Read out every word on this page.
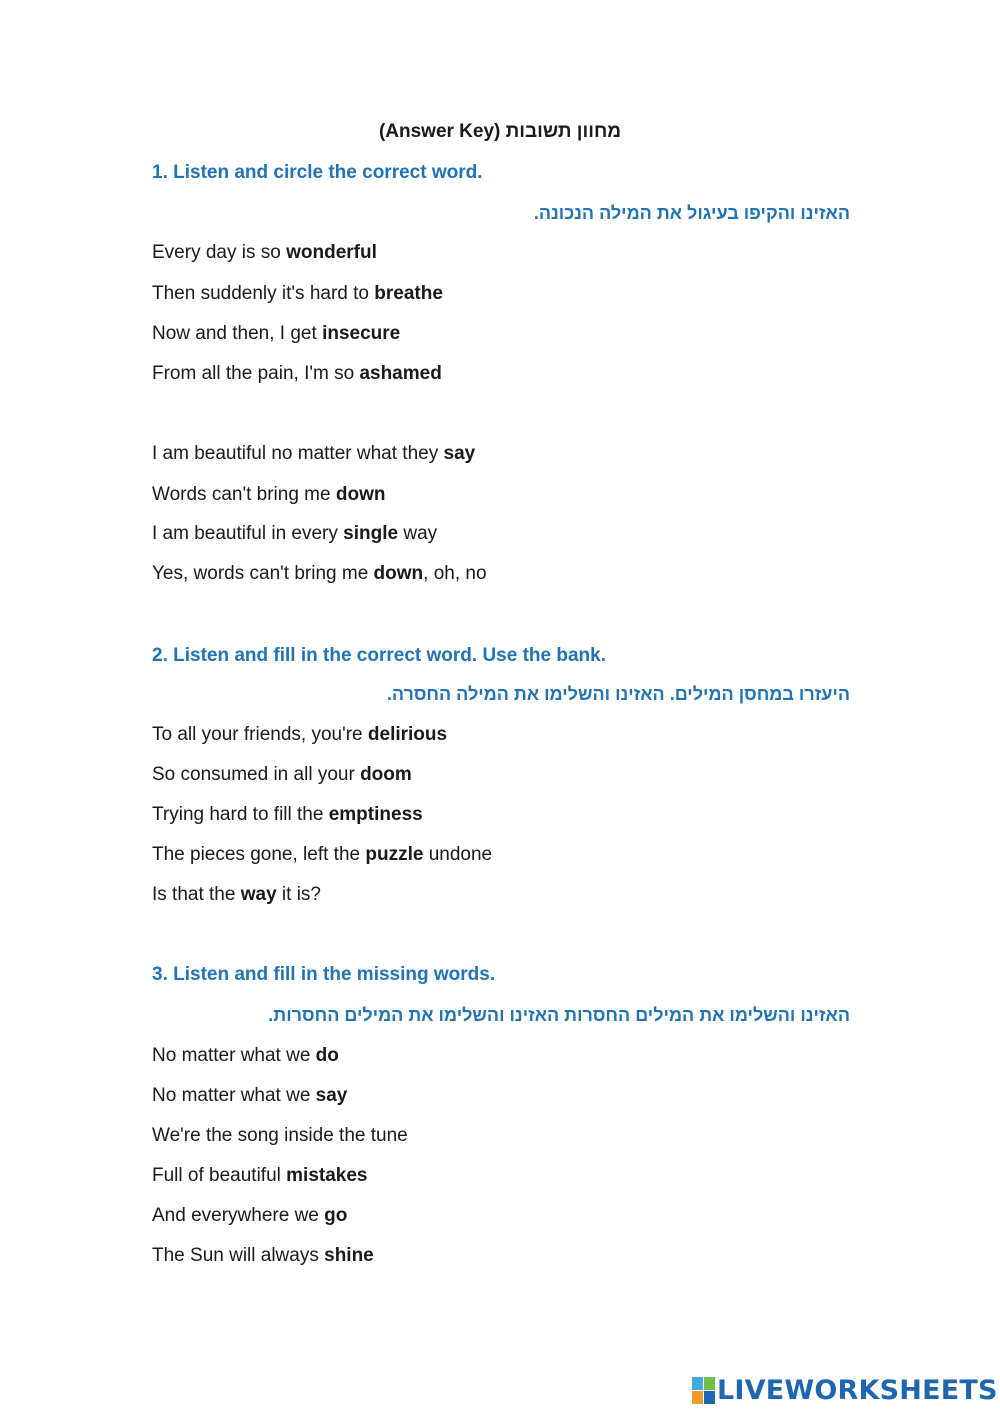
מחוון תשובות (Answer Key)
1. Listen and circle the correct word.
האזינו והקיפו בעיגול את המילה הנכונה.
Every day is so wonderful
Then suddenly it's hard to breathe
Now and then, I get insecure
From all the pain, I'm so ashamed
I am beautiful no matter what they say
Words can't bring me down
I am beautiful in every single way
Yes, words can't bring me down, oh, no
2. Listen and fill in the correct word. Use the bank.
היעזרו במחסן המילים. האזינו והשלימו את המילה החסרה.
To all your friends, you're delirious
So consumed in all your doom
Trying hard to fill the emptiness
The pieces gone, left the puzzle undone
Is that the way it is?
3. Listen and fill in the missing words.
האזינו והשלימו את המילים החסרות האזינו והשלימו את המילים החסרות.
No matter what we do
No matter what we say
We're the song inside the tune
Full of beautiful mistakes
And everywhere we go
The Sun will always shine
LIVEWORKSHEETS
